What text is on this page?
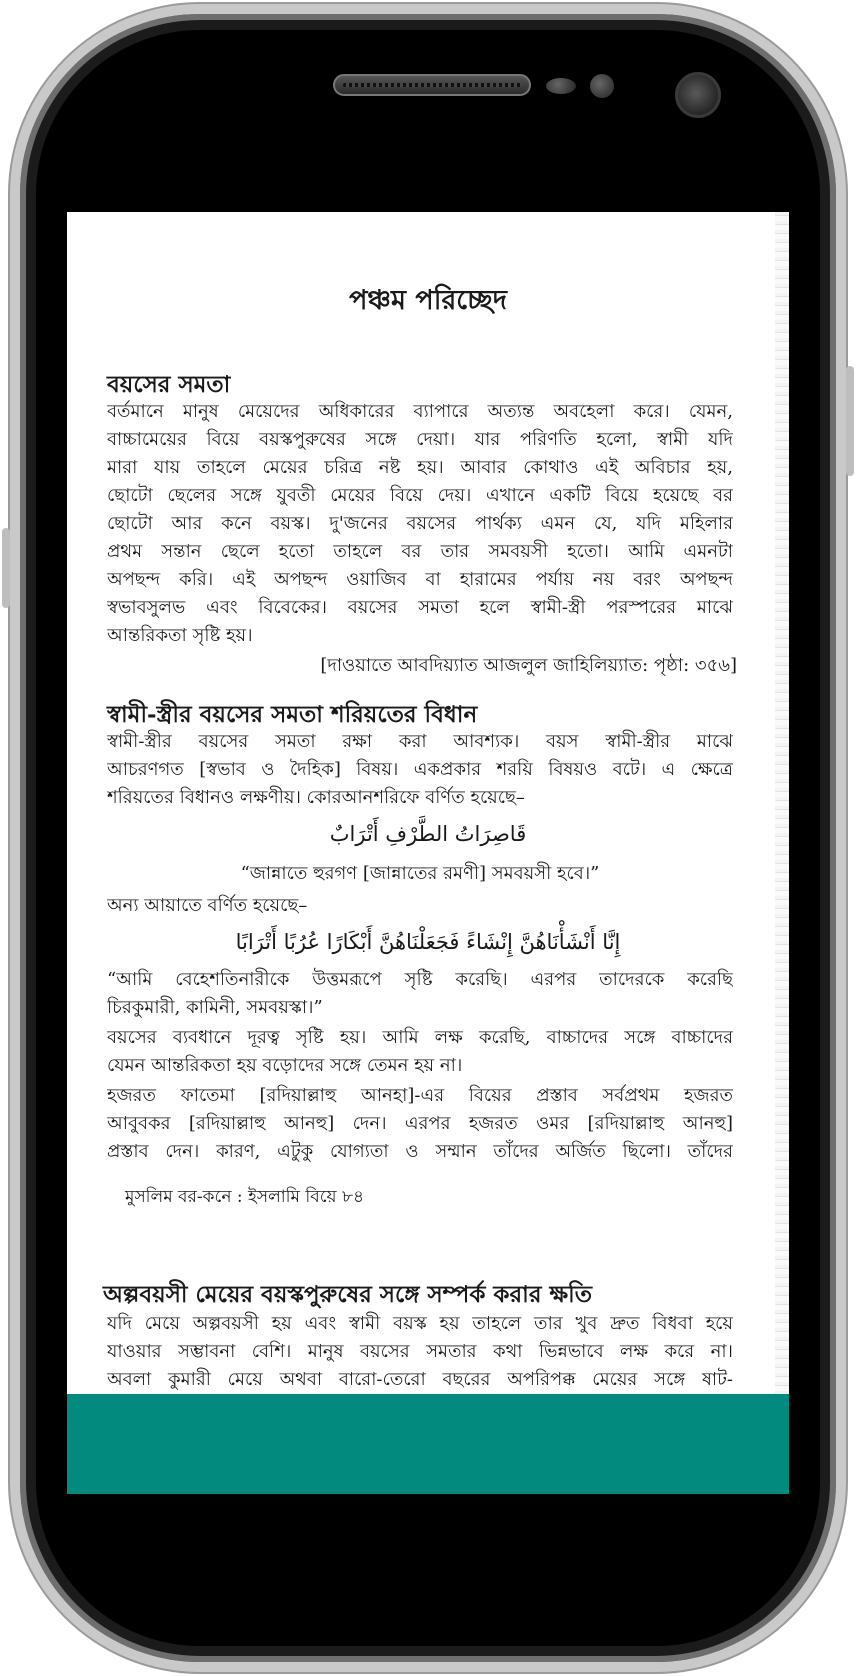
পঞ্চম পরিচ্ছেদ
বয়সের সমতা
বর্তমানে মানুষ মেয়েদের অধিকারের ব্যাপারে অত্যন্ত অবহেলা করে। যেমন,
বাচ্চামেয়ের বিয়ে বয়স্কপুরুষের সঙ্গে দেয়া। যার পরিণতি হলো, স্বামী যদি
মারা যায় তাহলে মেয়ের চরিত্র নষ্ট হয়। আবার কোথাও এই অবিচার হয়,
ছোটো ছেলের সঙ্গে যুবতী মেয়ের বিয়ে দেয়। এখানে একটি বিয়ে হয়েছে বর
ছোটো আর কনে বয়স্ক। দু'জনের বয়সের পার্থক্য এমন যে, যদি মহিলার
প্রথম সন্তান ছেলে হতো তাহলে বর তার সমবয়সী হতো। আমি এমনটা
অপছন্দ করি। এই অপছন্দ ওয়াজিব বা হারামের পর্যায় নয় বরং অপছন্দ
স্বভাবসুলভ এবং বিবেকের। বয়সের সমতা হলে স্বামী-স্ত্রী পরস্পরের মাঝে
আন্তরিকতা সৃষ্টি হয়।
[দাওয়াতে আবদিয়্যাত আজলুল জাহিলিয়্যাত: পৃষ্ঠা: ৩৫৬]
স্বামী-স্ত্রীর বয়সের সমতা শরিয়তের বিধান
স্বামী-স্ত্রীর বয়সের সমতা রক্ষা করা আবশ্যক। বয়স স্বামী-স্ত্রীর মাঝে
আচরণগত [স্বভাব ও দৈহিক] বিষয়। একপ্রকার শরয়ি বিষয়ও বটে। এ ক্ষেত্রে
শরিয়তের বিধানও লক্ষণীয়। কোরআনশরিফে বর্ণিত হয়েছে–
قَاصِرَاتُ الطَّرْفِ أَتْرَابٌ
“জান্নাতে হুরগণ [জান্নাতের রমণী] সমবয়সী হবে।”
অন্য আয়াতে বর্ণিত হয়েছে–
إِنَّا أَنْشَأْنَاهُنَّ إِنْشَاءً فَجَعَلْنَاهُنَّ أَبْكَارًا عُرُبًا أَتْرَابًا
“আমি বেহেশতিনারীকে উত্তমরূপে সৃষ্টি করেছি। এরপর তাদেরকে করেছি
চিরকুমারী, কামিনী, সমবয়স্কা।”
বয়সের ব্যবধানে দূরত্ব সৃষ্টি হয়। আমি লক্ষ করেছি, বাচ্চাদের সঙ্গে বাচ্চাদের
যেমন আন্তরিকতা হয় বড়োদের সঙ্গে তেমন হয় না।
হজরত ফাতেমা [রদিয়াল্লাহু আনহা]-এর বিয়ের প্রস্তাব সর্বপ্রথম হজরত
আবুবকর [রদিয়াল্লাহু আনহু] দেন। এরপর হজরত ওমর [রদিয়াল্লাহু আনহু]
প্রস্তাব দেন। কারণ, এটুকু যোগ্যতা ও সম্মান তাঁদের অর্জিত ছিলো। তাঁদের
মুসলিম বর-কনে : ইসলামি বিয়ে ৮৪
অল্পবয়সী মেয়ের বয়স্কপুরুষের সঙ্গে সম্পর্ক করার ক্ষতি
যদি মেয়ে অল্পবয়সী হয় এবং স্বামী বয়স্ক হয় তাহলে তার খুব দ্রুত বিধবা হয়ে
যাওয়ার সম্ভাবনা বেশি। মানুষ বয়সের সমতার কথা ভিন্নভাবে লক্ষ করে না।
অবলা কুমারী মেয়ে অথবা বারো-তেরো বছরের অপরিপক্ক মেয়ের সঙ্গে ষাট-
